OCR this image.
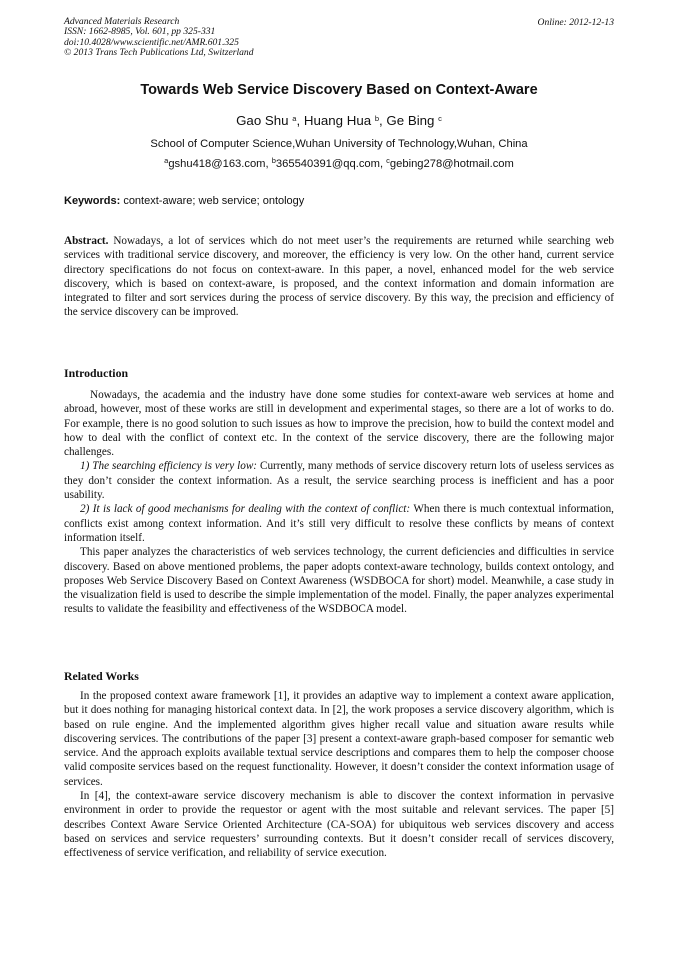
Advanced Materials Research
ISSN: 1662-8985, Vol. 601, pp 325-331
doi:10.4028/www.scientific.net/AMR.601.325
© 2013 Trans Tech Publications Ltd, Switzerland
Online: 2012-12-13
Towards Web Service Discovery Based on Context-Aware
Gao Shu $^a$, Huang Hua $^b$, Ge Bing $^c$
School of Computer Science,Wuhan University of Technology,Wuhan, China
$^a$gshu418@163.com, $^b$365540391@qq.com, $^c$gebing278@hotmail.com
Keywords: context-aware; web service; ontology

Abstract. Nowadays, a lot of services which do not meet user’s the requirements are returned while searching web services with traditional service discovery, and moreover, the efficiency is very low. On the other hand, current service directory specifications do not focus on context-aware. In this paper, a novel, enhanced model for the web service discovery, which is based on context-aware, is proposed, and the context information and domain information are integrated to filter and sort services during the process of service discovery. By this way, the precision and efficiency of the service discovery can be improved.

Introduction

Nowadays, the academia and the industry have done some studies for context-aware web services at home and abroad, however, most of these works are still in development and experimental stages, so there are a lot of works to do. For example, there is no good solution to such issues as how to improve the precision, how to build the context model and how to deal with the conflict of context etc. In the context of the service discovery, there are the following major challenges.

1) The searching efficiency is very low: Currently, many methods of service discovery return lots of useless services as they don’t consider the context information. As a result, the service searching process is inefficient and has a poor usability.

2) It is lack of good mechanisms for dealing with the context of conflict: When there is much contextual information, conflicts exist among context information. And it’s still very difficult to resolve these conflicts by means of context information itself.

This paper analyzes the characteristics of web services technology, the current deficiencies and difficulties in service discovery. Based on above mentioned problems, the paper adopts context-aware technology, builds context ontology, and proposes Web Service Discovery Based on Context Awareness (WSDBOCA for short) model. Meanwhile, a case study in the visualization field is used to describe the simple implementation of the model. Finally, the paper analyzes experimental results to validate the feasibility and effectiveness of the WSDBOCA model.

Related Works

In the proposed context aware framework [1], it provides an adaptive way to implement a context aware application, but it does nothing for managing historical context data. In [2], the work proposes a service discovery algorithm, which is based on rule engine. And the implemented algorithm gives higher recall value and situation aware results while discovering services. The contributions of the paper [3] present a context-aware graph-based composer for semantic web service. And the approach exploits available textual service descriptions and compares them to help the composer choose valid composite services based on the request functionality. However, it doesn’t consider the context information usage of services.

In [4], the context-aware service discovery mechanism is able to discover the context information in pervasive environment in order to provide the requestor or agent with the most suitable and relevant services. The paper [5] describes Context Aware Service Oriented Architecture (CA-SOA) for ubiquitous web services discovery and access based on services and service requesters’ surrounding contexts. But it doesn’t consider recall of services discovery, effectiveness of service verification, and reliability of service execution.
